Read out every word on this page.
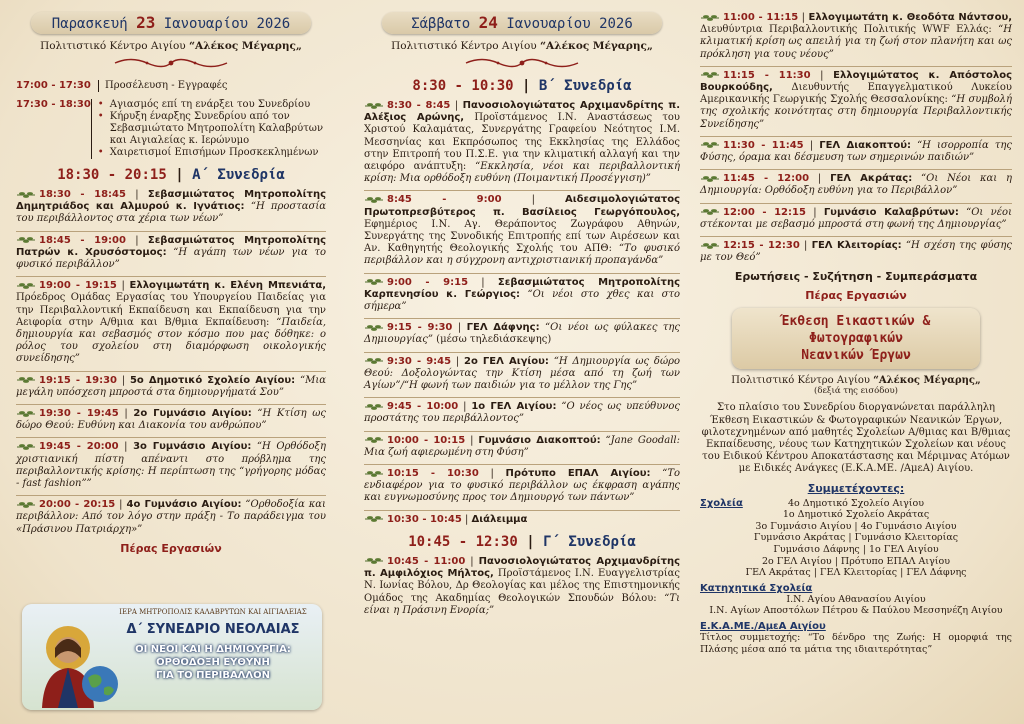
Παρασκευή 23 Ιανουαρίου 2026
Πολιτιστικό Κέντρο Αιγίου “Αλέκος Μέγαρης„
17:00 - 17:30	Προσέλευση - Εγγραφές
17:30 - 18:30
• Αγιασμός επί τη ενάρξει του Συνεδρίου
• Κήρυξη έναρξης Συνεδρίου από τον Σεβασμιώτατο Μητροπολίτη Καλαβρύτων και Αιγιαλείας κ. Ιερώνυμο
• Χαιρετισμοί Επισήμων Προσκεκλημένων
18:30 - 20:15 | Α΄ Συνεδρία
18:30 - 18:45 | Σεβασμιώτατος Μητροπολίτης Δημητριάδος και Αλμυρού κ. Ιγνάτιος: “Η προστασία του περιβάλλοντος στα χέρια των νέων”
18:45 - 19:00 | Σεβασμιώτατος Μητροπολίτης Πατρών κ. Χρυσόστομος: “Η αγάπη των νέων για το φυσικό περιβάλλον”
19:00 - 19:15 | Ελλογιμωτάτη κ. Ελένη Μπενιάτα, Πρόεδρος Ομάδας Εργασίας του Υπουργείου Παιδείας για την Περιβαλλοντική Εκπαίδευση και Εκπαίδευση για την Αειφορία στην Α/θμια και Β/θμια Εκπαίδευση: “Παιδεία, δημιουργία και σεβασμός στον κόσμο που μας δόθηκε: ο ρόλος του σχολείου στη διαμόρφωση οικολογικής συνείδησης”
19:15 - 19:30 | 5ο Δημοτικό Σχολείο Αιγίου: “Μια μεγάλη υπόσχεση μπροστά στα δημιουργήματά Σου”
19:30 - 19:45 | 2ο Γυμνάσιο Αιγίου: “Η Κτίση ως δώρο Θεού: Ευθύνη και Διακονία του ανθρώπου”
19:45 - 20:00 | 3ο Γυμνάσιο Αιγίου: “Η Ορθόδοξη χριστιανική πίστη απέναντι στο πρόβλημα της περιβαλλοντικής κρίσης: Η περίπτωση της “γρήγορης μόδας - fast fashion””
20:00 - 20:15 | 4ο Γυμνάσιο Αιγίου: “Ορθοδοξία και περιβάλλον: Από τον λόγο στην πράξη - Το παράδειγμα του «Πράσινου Πατριάρχη»”
Πέρας Εργασιών
ΙΕΡΑ ΜΗΤΡΟΠΟΛΙΣ ΚΑΛΑΒΡΥΤΩΝ ΚΑΙ ΑΙΓΙΑΛΕΙΑΣ
Δ΄ ΣΥΝΕΔΡΙΟ ΝΕΟΛΑΙΑΣ
ΟΙ ΝΕΟΙ ΚΑΙ Η ΔΗΜΙΟΥΡΓΙΑ:
ΟΡΘΟΔΟΞΗ ΕΥΘΥΝΗ
ΓΙΑ ΤΟ ΠΕΡΙΒΑΛΛΟΝ
Σάββατο 24 Ιανουαρίου 2026
Πολιτιστικό Κέντρο Αιγίου “Αλέκος Μέγαρης„
8:30 - 10:30 | Β΄ Συνεδρία
8:30 - 8:45 | Πανοσιολογιώτατος Αρχιμανδρίτης π. Αλέξιος Αρώνης, Προϊστάμενος Ι.Ν. Αναστάσεως του Χριστού Καλαμάτας, Συνεργάτης Γραφείου Νεότητος Ι.Μ. Μεσσηνίας και Εκπρόσωπος της Εκκλησίας της Ελλάδος στην Επιτροπή του Π.Σ.Ε. για την κλιματική αλλαγή και την αειφόρο ανάπτυξη: “Εκκλησία, νέοι και περιβαλλοντική κρίση: Μια ορθόδοξη ευθύνη (Ποιμαντική Προσέγγιση)”
8:45 - 9:00 | Αιδεσιμολογιώτατος Πρωτοπρεσβύτερος π. Βασίλειος Γεωργόπουλος, Εφημέριος Ι.Ν. Αγ. Θεράποντος Ζωγράφου Αθηνών, Συνεργάτης της Συνοδικής Επιτροπής επί των Αιρέσεων και Αν. Καθηγητής Θεολογικής Σχολής του ΑΠΘ: “Το φυσικό περιβάλλον και η σύγχρονη αντιχριστιανική προπαγάνδα”
9:00 - 9:15 | Σεβασμιώτατος Μητροπολίτης Καρπενησίου κ. Γεώργιος: “Οι νέοι στο χθες και στο σήμερα”
9:15 - 9:30 | ΓΕΛ Δάφνης: “Οι νέοι ως φύλακες της Δημιουργίας” (μέσω τηλεδιάσκεψης)
9:30 - 9:45 | 2ο ΓΕΛ Αιγίου: “Η Δημιουργία ως δώρο Θεού: Δοξολογώντας την Κτίση μέσα από τη ζωή των Αγίων”/“Η φωνή των παιδιών για το μέλλον της Γης”
9:45 - 10:00 | 1ο ΓΕΛ Αιγίου: “Ο νέος ως υπεύθυνος προστάτης του περιβάλλοντος”
10:00 - 10:15 | Γυμνάσιο Διακοπτού: “Jane Goodall: Μια ζωή αφιερωμένη στη Φύση”
10:15 - 10:30 | Πρότυπο ΕΠΑΛ Αιγίου: “Το ενδιαφέρον για το φυσικό περιβάλλον ως έκφραση αγάπης και ευγνωμοσύνης προς τον Δημιουργό των πάντων”
10:30 - 10:45 | Διάλειμμα
10:45 - 12:30 | Γ΄ Συνεδρία
10:45 - 11:00 | Πανοσιολογιώτατος Αρχιμανδρίτης π. Αμφιλόχιος Μήλτος, Προϊστάμενος Ι.Ν. Ευαγγελιστρίας Ν. Ιωνίας Βόλου, Δρ Θεολογίας και μέλος της Επιστημονικής Ομάδος της Ακαδημίας Θεολογικών Σπουδών Βόλου: “Τι είναι η Πράσινη Ενορία;”
11:00 - 11:15 | Ελλογιμωτάτη κ. Θεοδότα Νάντσου, Διευθύντρια Περιβαλλοντικής Πολιτικής WWF Ελλάς: “Η κλιματική κρίση ως απειλή για τη ζωή στον πλανήτη και ως πρόκληση για τους νέους”
11:15 - 11:30 | Ελλογιμώτατος κ. Απόστολος Βουρκούδης, Διευθυντής Επαγγελματικού Λυκείου Αμερικανικής Γεωργικής Σχολής Θεσσαλονίκης: “Η συμβολή της σχολικής κοινότητας στη δημιουργία Περιβαλλοντικής Συνείδησης”
11:30 - 11:45 | ΓΕΛ Διακοπτού: “Η ισορροπία της Φύσης, όραμα και δέσμευση των σημερινών παιδιών”
11:45 - 12:00 | ΓΕΛ Ακράτας: “Οι Νέοι και η Δημιουργία: Ορθόδοξη ευθύνη για το Περιβάλλον”
12:00 - 12:15 | Γυμνάσιο Καλαβρύτων: “Οι νέοι στέκονται με σεβασμό μπροστά στη φωνή της Δημιουργίας”
12:15 - 12:30 | ΓΕΛ Κλειτορίας: “Η σχέση της φύσης με τον Θεό”
Ερωτήσεις - Συζήτηση - Συμπεράσματα
Πέρας Εργασιών
Έκθεση Εικαστικών & Φωτογραφικών
Νεανικών Έργων
Πολιτιστικό Κέντρο Αιγίου “Αλέκος Μέγαρης„
(δεξιά της εισόδου)
Στο πλαίσιο του Συνεδρίου διοργανώνεται παράλληλη Έκθεση Εικαστικών & Φωτογραφικών Νεανικών Έργων, φιλοτεχνημένων από μαθητές Σχολείων Α/θμιας και Β/θμιας Εκπαίδευσης, νέους των Κατηχητικών Σχολείων και νέους του Ειδικού Κέντρου Αποκατάστασης και Μέριμνας Ατόμων με Ειδικές Ανάγκες (Ε.Κ.Α.ΜΕ. /ΑμεΑ) Αιγίου.
Συμμετέχοντες:
Σχολεία	4ο Δημοτικό Σχολείο Αιγίου
1ο Δημοτικό Σχολείο Ακράτας
3ο Γυμνάσιο Αιγίου | 4ο Γυμνάσιο Αιγίου
Γυμνάσιο Ακράτας | Γυμνάσιο Κλειτορίας
Γυμνάσιο Δάφνης | 1ο ΓΕΛ Αιγίου
2ο ΓΕΛ Αιγίου | Πρότυπο ΕΠΑΛ Αιγίου
ΓΕΛ Ακράτας | ΓΕΛ Κλειτορίας | ΓΕΛ Δάφνης
Κατηχητικά Σχολεία
Ι.Ν. Αγίου Αθανασίου Αιγίου
Ι.Ν. Αγίων Αποστόλων Πέτρου & Παύλου Μεσσηνέζη Αιγίου
Ε.Κ.Α.ΜΕ./ΑμεΑ Αιγίου
Τίτλος συμμετοχής: “Το δένδρο της Ζωής: Η ομορφιά της Πλάσης μέσα από τα μάτια της ιδιαιτερότητας”
